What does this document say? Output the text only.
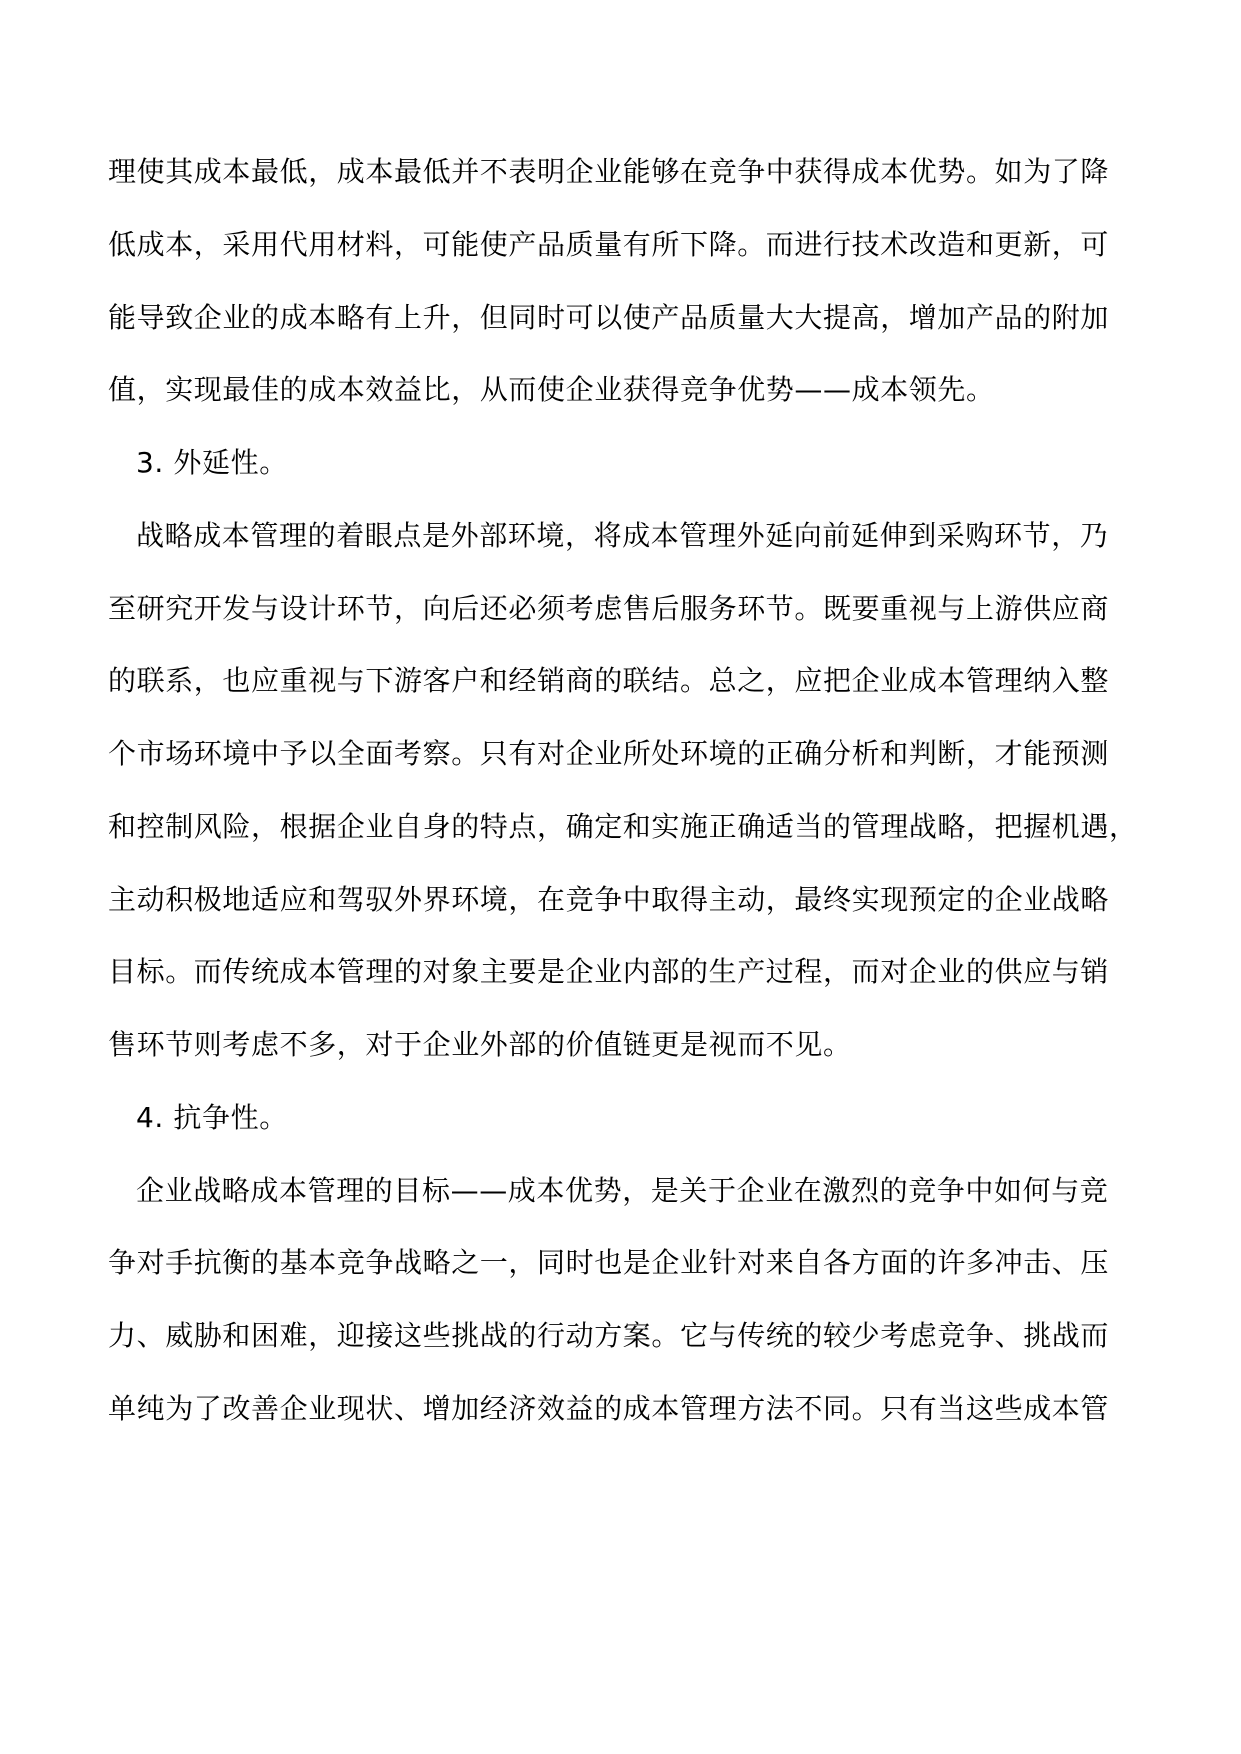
理使其成本最低，成本最低并不表明企业能够在竞争中获得成本优势。如为了降
低成本，采用代用材料，可能使产品质量有所下降。而进行技术改造和更新，可
能导致企业的成本略有上升，但同时可以使产品质量大大提高，增加产品的附加
值，实现最佳的成本效益比，从而使企业获得竞争优势——成本领先。
3. 外延性。
战略成本管理的着眼点是外部环境，将成本管理外延向前延伸到采购环节，乃
至研究开发与设计环节，向后还必须考虑售后服务环节。既要重视与上游供应商
的联系，也应重视与下游客户和经销商的联结。总之，应把企业成本管理纳入整
个市场环境中予以全面考察。只有对企业所处环境的正确分析和判断，才能预测
和控制风险，根据企业自身的特点，确定和实施正确适当的管理战略，把握机遇，
主动积极地适应和驾驭外界环境，在竞争中取得主动，最终实现预定的企业战略
目标。而传统成本管理的对象主要是企业内部的生产过程，而对企业的供应与销
售环节则考虑不多，对于企业外部的价值链更是视而不见。
4. 抗争性。
企业战略成本管理的目标——成本优势，是关于企业在激烈的竞争中如何与竞
争对手抗衡的基本竞争战略之一，同时也是企业针对来自各方面的许多冲击、压
力、威胁和困难，迎接这些挑战的行动方案。它与传统的较少考虑竞争、挑战而
单纯为了改善企业现状、增加经济效益的成本管理方法不同。只有当这些成本管
